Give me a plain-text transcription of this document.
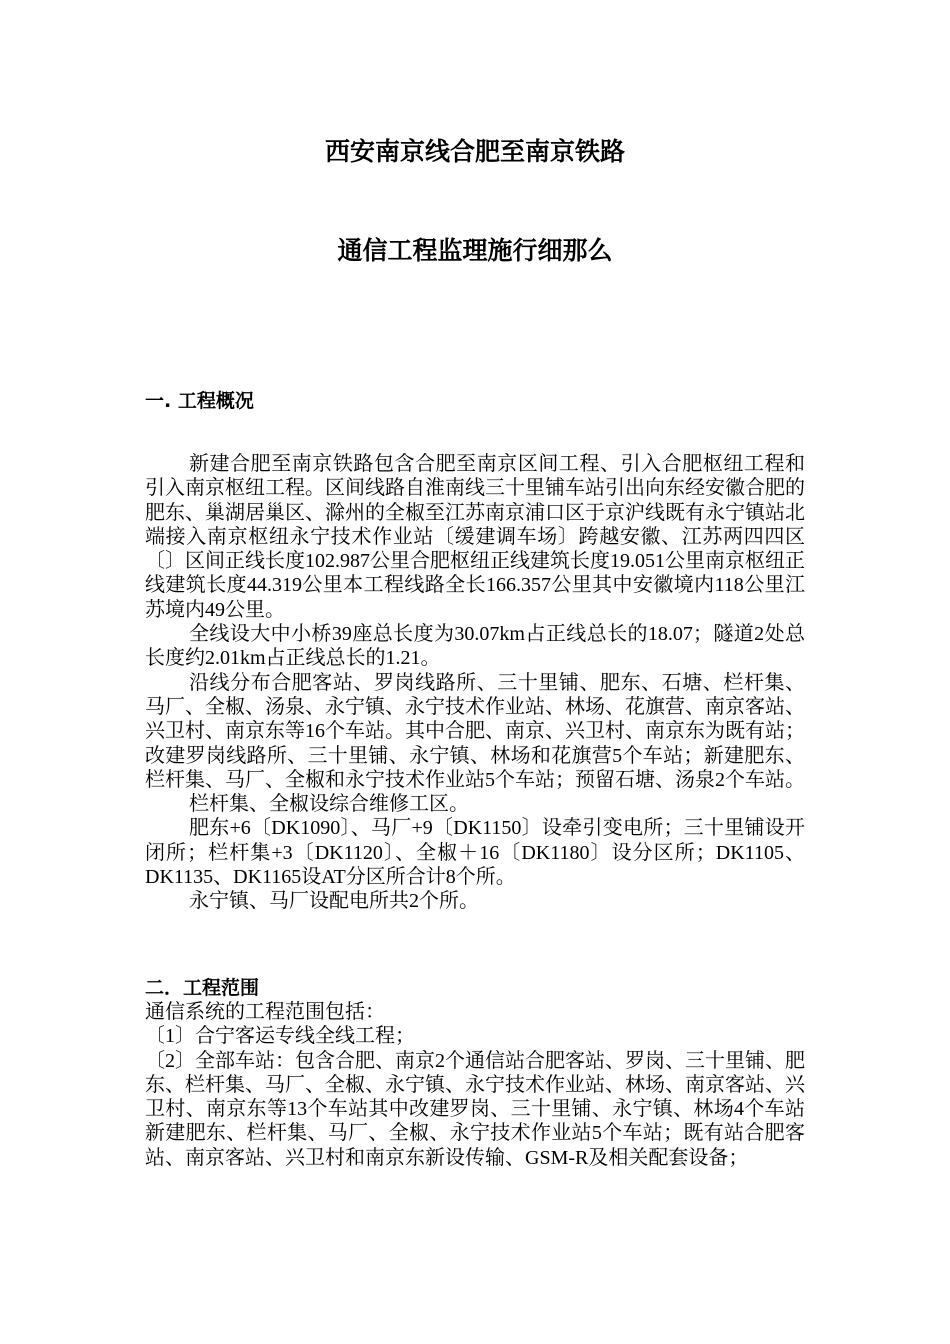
西安南京线合肥至南京铁路
通信工程监理施行细那么
一. 工程概况

新建合肥至南京铁路包含合肥至南京区间工程、引入合肥枢纽工程和引入南京枢纽工程。区间线路自淮南线三十里铺车站引出向东经安徽合肥的肥东、巢湖居巢区、滁州的全椒至江苏南京浦口区于京沪线既有永宁镇站北端接入南京枢纽永宁技术作业站〔缓建调车场〕跨越安徽、江苏两四四区〔〕区间正线长度102.987公里合肥枢纽正线建筑长度19.051公里南京枢纽正线建筑长度44.319公里本工程线路全长166.357公里其中安徽境内118公里江苏境内49公里。

全线设大中小桥39座总长度为30.07km占正线总长的18.07；隧道2处总长度约2.01km占正线总长的1.21。

沿线分布合肥客站、罗岗线路所、三十里铺、肥东、石塘、栏杆集、马厂、全椒、汤泉、永宁镇、永宁技术作业站、林场、花旗营、南京客站、兴卫村、南京东等16个车站。其中合肥、南京、兴卫村、南京东为既有站；改建罗岗线路所、三十里铺、永宁镇、林场和花旗营5个车站；新建肥东、栏杆集、马厂、全椒和永宁技术作业站5个车站；预留石塘、汤泉2个车站。

栏杆集、全椒设综合维修工区。

肥东+6〔DK1090〕、马厂+9〔DK1150〕设牵引变电所；三十里铺设开闭所；栏杆集+3〔DK1120〕、全椒＋16〔DK1180〕设分区所；DK1105、DK1135、DK1165设AT分区所合计8个所。

永宁镇、马厂设配电所共2个所。

二．工程范围

通信系统的工程范围包括：

〔1〕合宁客运专线全线工程；

〔2〕全部车站：包含合肥、南京2个通信站合肥客站、罗岗、三十里铺、肥东、栏杆集、马厂、全椒、永宁镇、永宁技术作业站、林场、南京客站、兴卫村、南京东等13个车站其中改建罗岗、三十里铺、永宁镇、林场4个车站新建肥东、栏杆集、马厂、全椒、永宁技术作业站5个车站；既有站合肥客站、南京客站、兴卫村和南京东新设传输、GSM-R及相关配套设备；
